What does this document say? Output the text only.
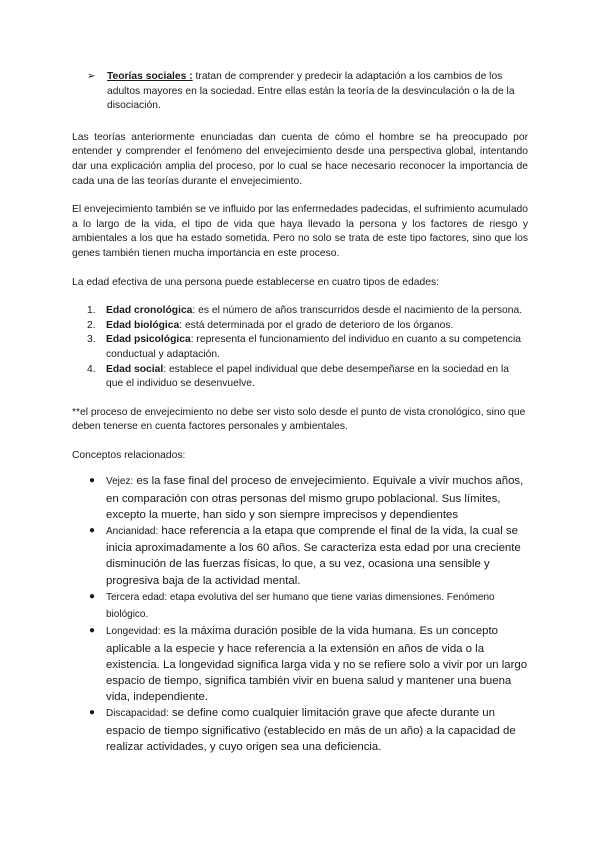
➢ Teorías sociales : tratan de comprender y predecir la adaptación a los cambios de los adultos mayores en la sociedad. Entre ellas están la teoría de la desvinculación o la de la disociación.

Las teorías anteriormente enunciadas dan cuenta de cómo el hombre se ha preocupado por entender y comprender el fenómeno del envejecimiento desde una perspectiva global, intentando dar una explicación amplia del proceso, por lo cual se hace necesario reconocer la importancia de cada una de las teorías durante el envejecimiento.

El envejecimiento también se ve influido por las enfermedades padecidas, el sufrimiento acumulado a lo largo de la vida, el tipo de vida que haya llevado la persona y los factores de riesgo y ambientales a los que ha estado sometida. Pero no solo se trata de este tipo factores, sino que los genes también tienen mucha importancia en este proceso.

La edad efectiva de una persona puede establecerse en cuatro tipos de edades:

1. Edad cronológica: es el número de años transcurridos desde el nacimiento de la persona.
2. Edad biológica: está determinada por el grado de deterioro de los órganos.
3. Edad psicológica: representa el funcionamiento del individuo en cuanto a su competencia conductual y adaptación.
4. Edad social: establece el papel individual que debe desempeñarse en la sociedad en la que el individuo se desenvuelve.

**el proceso de envejecimiento no debe ser visto solo desde el punto de vista cronológico, sino que deben tenerse en cuenta factores personales y ambientales.

Conceptos relacionados:

● Vejez: es la fase final del proceso de envejecimiento. Equivale a vivir muchos años, en comparación con otras personas del mismo grupo poblacional. Sus límites, excepto la muerte, han sido y son siempre imprecisos y dependientes
● Ancianidad: hace referencia a la etapa que comprende el final de la vida, la cual se inicia aproximadamente a los 60 años. Se caracteriza esta edad por una creciente disminución de las fuerzas físicas, lo que, a su vez, ocasiona una sensible y progresiva baja de la actividad mental.
● Tercera edad: etapa evolutiva del ser humano que tiene varias dimensiones. Fenómeno biológico.
● Longevidad: es la máxima duración posible de la vida humana. Es un concepto aplicable a la especie y hace referencia a la extensión en años de vida o la existencia. La longevidad significa larga vida y no se refiere solo a vivir por un largo espacio de tiempo, significa también vivir en buena salud y mantener una buena vida, independiente.
● Discapacidad: se define como cualquier limitación grave que afecte durante un espacio de tiempo significativo (establecido en más de un año) a la capacidad de realizar actividades, y cuyo origen sea una deficiencia.
